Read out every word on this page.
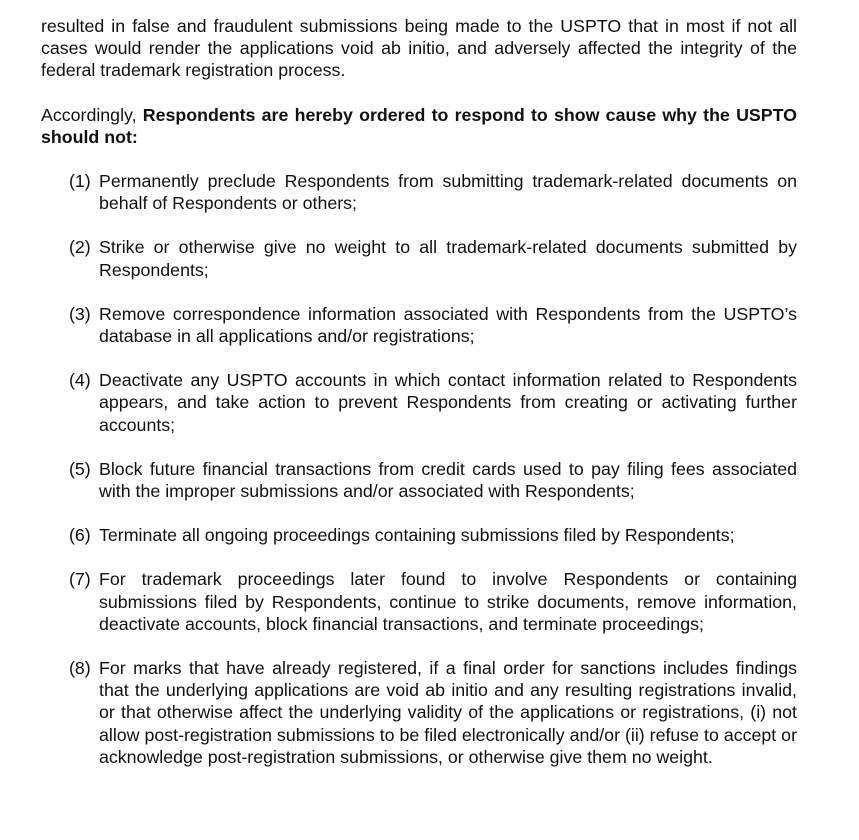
resulted in false and fraudulent submissions being made to the USPTO that in most if not all cases would render the applications void ab initio, and adversely affected the integrity of the federal trademark registration process.

Accordingly, Respondents are hereby ordered to respond to show cause why the USPTO should not:

(1) Permanently preclude Respondents from submitting trademark-related documents on behalf of Respondents or others;
(2) Strike or otherwise give no weight to all trademark-related documents submitted by Respondents;
(3) Remove correspondence information associated with Respondents from the USPTO’s database in all applications and/or registrations;
(4) Deactivate any USPTO accounts in which contact information related to Respondents appears, and take action to prevent Respondents from creating or activating further accounts;
(5) Block future financial transactions from credit cards used to pay filing fees associated with the improper submissions and/or associated with Respondents;
(6) Terminate all ongoing proceedings containing submissions filed by Respondents;
(7) For trademark proceedings later found to involve Respondents or containing submissions filed by Respondents, continue to strike documents, remove information, deactivate accounts, block financial transactions, and terminate proceedings;
(8) For marks that have already registered, if a final order for sanctions includes findings that the underlying applications are void ab initio and any resulting registrations invalid, or that otherwise affect the underlying validity of the applications or registrations, (i) not allow post-registration submissions to be filed electronically and/or (ii) refuse to accept or acknowledge post-registration submissions, or otherwise give them no weight.
